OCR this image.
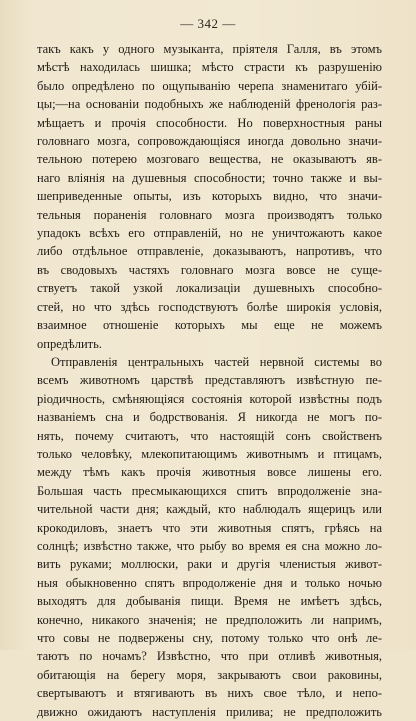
— 342 —
такъ какъ у одного музыканта, пріятеля Галля, въ этомъ
мѣстѣ находилась шишка; мѣсто страсти къ разрушенію
было опредѣлено по ощупыванію черепа знаменитаго убій-
цы;—на основаніи подобныхъ же наблюденій френологія раз-
мѣщаетъ и прочія способности. Но поверхностныя раны
головнаго мозга, сопровождающіяся иногда довольно значи-
тельною потерею мозговаго вещества, не оказываютъ яв-
наго вліянія на душевныя способности; точно также и вы-
шеприведенные опыты, изъ которыхъ видно, что значи-
тельныя пораненія головнаго мозга производятъ только
упадокъ всѣхъ его отправленій, но не уничтожаютъ какое
либо отдѣльное отправленіе, доказываютъ, напротивъ, что
въ сводовыхъ частяхъ головнаго мозга вовсе не суще-
ствуетъ такой узкой локализаціи душевныхъ способно-
стей, но что здѣсь господствуютъ болѣе широкія условія,
взаимное отношеніе которыхъ мы еще не можемъ
опредѣлить.
Отправленія центральныхъ частей нервной системы во
всемъ животномъ царствѣ представляютъ извѣстную пе-
ріодичность, смѣняющіяся состоянія которой извѣстны подъ
названіемъ сна и бодрствованія. Я никогда не могъ по-
нять, почему считаютъ, что настоящій сонъ свойственъ
только человѣку, млекопитающимъ животнымъ и птицамъ,
между тѣмъ какъ прочія животныя вовсе лишены его.
Большая часть пресмыкающихся спитъ впродолженіе зна-
чительной части дня; каждый, кто наблюдалъ ящерицъ или
крокодиловъ, знаетъ что эти животныя спятъ, грѣясь на
солнцѣ; извѣстно также, что рыбу во время ея сна можно ло-
вить руками; моллюски, раки и другія членистыя живот-
ныя обыкновенно спятъ впродолженіе дня и только ночью
выходятъ для добыванія пищи. Время не имѣетъ здѣсь,
конечно, никакого значенія; не предположить ли напримъ,
что совы не подвержены сну, потому только что онѣ ле-
таютъ по ночамъ? Извѣстно, что при отливѣ животныя,
обитающія на берегу моря, закрываютъ свои раковины,
свертываютъ и втягиваютъ въ нихъ свое тѣло, и непо-
движно ожидаютъ наступленія прилива; не предположить
